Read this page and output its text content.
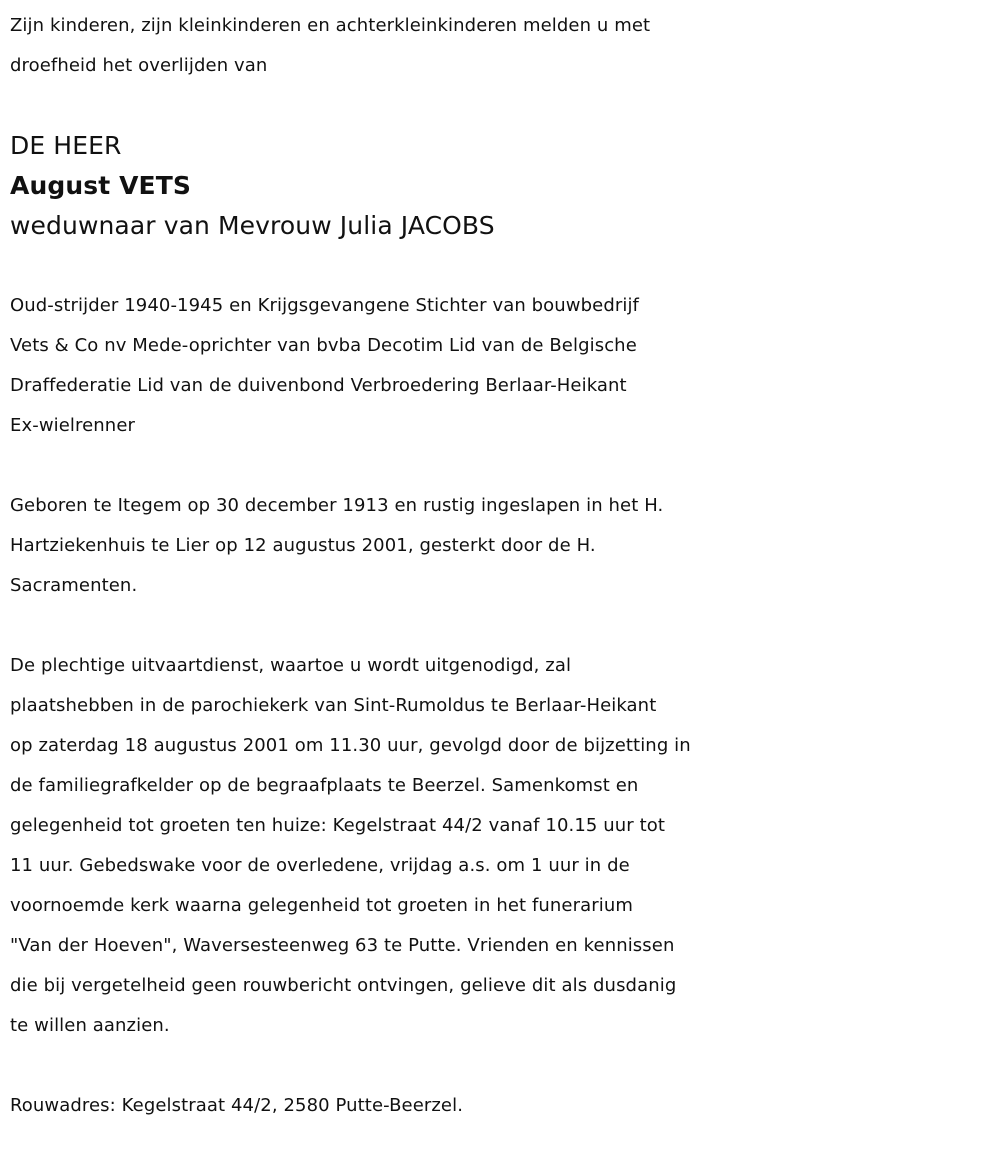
Zijn kinderen, zijn kleinkinderen en achterkleinkinderen melden u met
droefheid het overlijden van
DE HEER
August VETS
weduwnaar van Mevrouw Julia JACOBS
Oud-strijder 1940-1945 en Krijgsgevangene Stichter van bouwbedrijf
Vets & Co nv Mede-oprichter van bvba Decotim Lid van de Belgische
Draffederatie Lid van de duivenbond Verbroedering Berlaar-Heikant
Ex-wielrenner
Geboren te Itegem op 30 december 1913 en rustig ingeslapen in het H.
Hartziekenhuis te Lier op 12 augustus 2001, gesterkt door de H.
Sacramenten.
De plechtige uitvaartdienst, waartoe u wordt uitgenodigd, zal
plaatshebben in de parochiekerk van Sint-Rumoldus te Berlaar-Heikant
op zaterdag 18 augustus 2001 om 11.30 uur, gevolgd door de bijzetting in
de familiegrafkelder op de begraafplaats te Beerzel. Samenkomst en
gelegenheid tot groeten ten huize: Kegelstraat 44/2 vanaf 10.15 uur tot
11 uur. Gebedswake voor de overledene, vrijdag a.s. om 1 uur in de
voornoemde kerk waarna gelegenheid tot groeten in het funerarium
"Van der Hoeven", Waversesteenweg 63 te Putte. Vrienden en kennissen
die bij vergetelheid geen rouwbericht ontvingen, gelieve dit als dusdanig
te willen aanzien.
Rouwadres: Kegelstraat 44/2, 2580 Putte-Beerzel.
